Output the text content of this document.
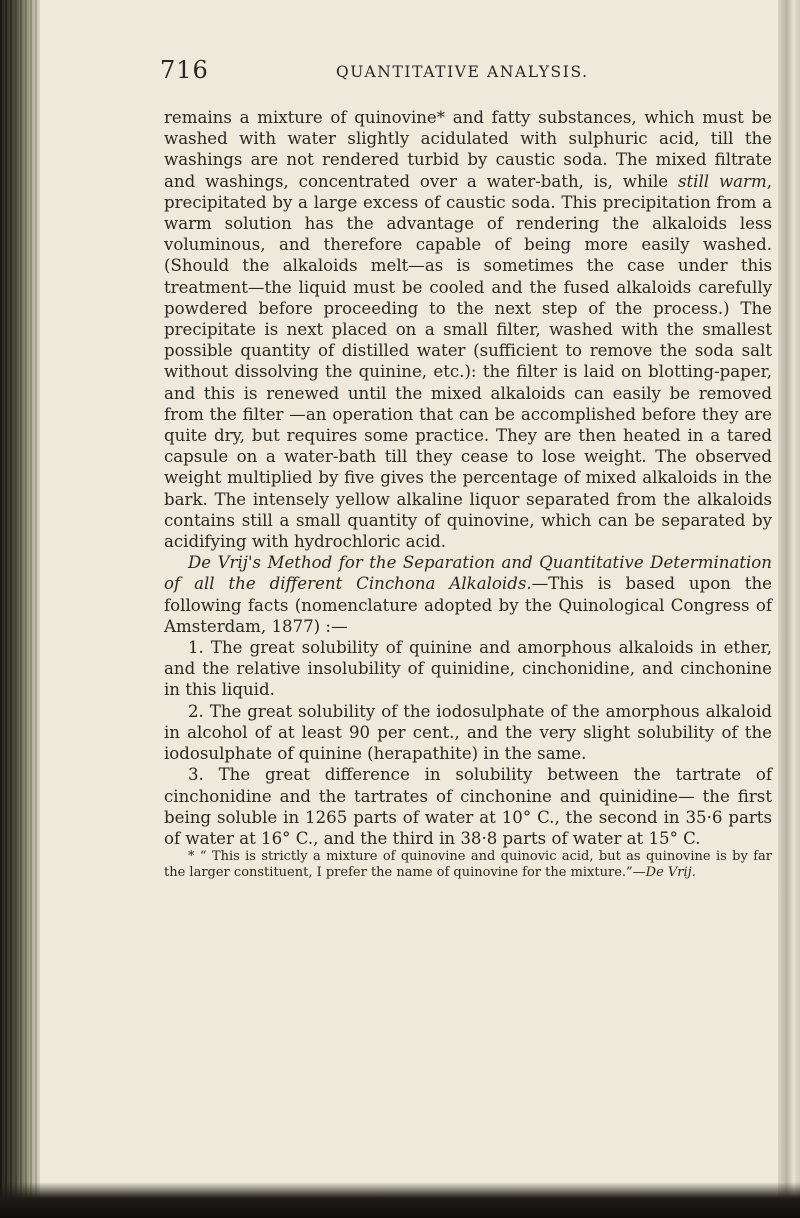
716	QUANTITATIVE ANALYSIS.

remains a mixture of quinovine* and fatty substances, which must be washed with water slightly acidulated with sulphuric acid, till the washings are not rendered turbid by caustic soda. The mixed filtrate and washings, concentrated over a water-bath, is, while still warm, precipitated by a large excess of caustic soda. This precipitation from a warm solution has the advantage of rendering the alkaloids less voluminous, and therefore capable of being more easily washed. (Should the alkaloids melt—as is sometimes the case under this treatment—the liquid must be cooled and the fused alkaloids carefully powdered before proceeding to the next step of the process.) The precipitate is next placed on a small filter, washed with the smallest possible quantity of distilled water (sufficient to remove the soda salt without dissolving the quinine, etc.): the filter is laid on blotting-paper, and this is renewed until the mixed alkaloids can easily be removed from the filter —an operation that can be accomplished before they are quite dry, but requires some practice. They are then heated in a tared capsule on a water-bath till they cease to lose weight. The observed weight multiplied by five gives the percentage of mixed alkaloids in the bark. The intensely yellow alkaline liquor separated from the alkaloids contains still a small quantity of quinovine, which can be separated by acidifying with hydrochloric acid.

De Vrij's Method for the Separation and Quantitative Determination of all the different Cinchona Alkaloids.—This is based upon the following facts (nomenclature adopted by the Quinological Congress of Amsterdam, 1877) :—

1. The great solubility of quinine and amorphous alkaloids in ether, and the relative insolubility of quinidine, cinchonidine, and cinchonine in this liquid.

2. The great solubility of the iodosulphate of the amorphous alkaloid in alcohol of at least 90 per cent., and the very slight solubility of the iodosulphate of quinine (herapathite) in the same.

3. The great difference in solubility between the tartrate of cinchonidine and the tartrates of cinchonine and quinidine— the first being soluble in 1265 parts of water at 10° C., the second in 35·6 parts of water at 16° C., and the third in 38·8 parts of water at 15° C.

* “ This is strictly a mixture of quinovine and quinovic acid, but as quinovine is by far the larger constituent, I prefer the name of quinovine for the mixture.”—De Vrij.
